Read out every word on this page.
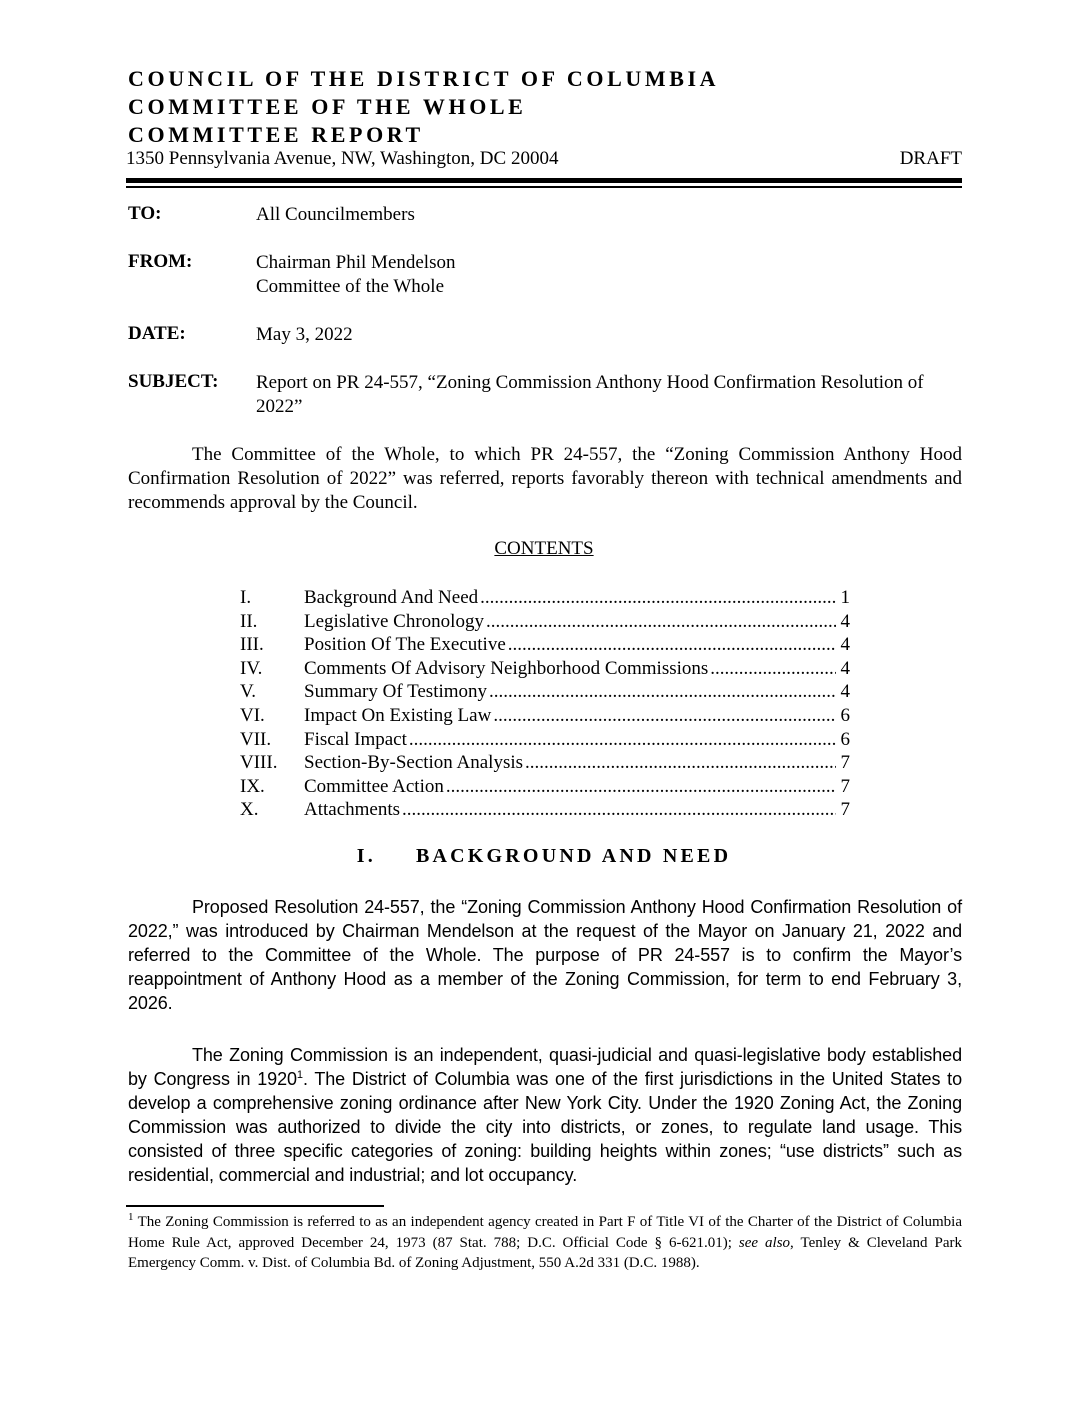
COUNCIL OF THE DISTRICT OF COLUMBIA
COMMITTEE OF THE WHOLE
COMMITTEE REPORT
1350 Pennsylvania Avenue, NW, Washington, DC 20004	DRAFT
TO:	All Councilmembers
FROM:	Chairman Phil Mendelson
Committee of the Whole
DATE:	May 3, 2022
SUBJECT: Report on PR 24-557, “Zoning Commission Anthony Hood Confirmation Resolution of 2022”
The Committee of the Whole, to which PR 24-557, the “Zoning Commission Anthony Hood Confirmation Resolution of 2022” was referred, reports favorably thereon with technical amendments and recommends approval by the Council.
CONTENTS
I.	Background And Need .....	1
II.	Legislative Chronology .....	4
III.	Position Of The Executive .....	4
IV.	Comments Of Advisory Neighborhood Commissions .....	4
V.	Summary Of Testimony .....	4
VI.	Impact On Existing Law .....	6
VII.	Fiscal Impact .....	6
VIII.	Section-By-Section Analysis .....	7
IX.	Committee Action .....	7
X.	Attachments .....	7
I. BACKGROUND AND NEED
Proposed Resolution 24-557, the “Zoning Commission Anthony Hood Confirmation Resolution of 2022,” was introduced by Chairman Mendelson at the request of the Mayor on January 21, 2022 and referred to the Committee of the Whole. The purpose of PR 24-557 is to confirm the Mayor’s reappointment of Anthony Hood as a member of the Zoning Commission, for term to end February 3, 2026.
The Zoning Commission is an independent, quasi-judicial and quasi-legislative body established by Congress in 1920$^1$. The District of Columbia was one of the first jurisdictions in the United States to develop a comprehensive zoning ordinance after New York City. Under the 1920 Zoning Act, the Zoning Commission was authorized to divide the city into districts, or zones, to regulate land usage. This consisted of three specific categories of zoning: building heights within zones; “use districts” such as residential, commercial and industrial; and lot occupancy.
$^1$ The Zoning Commission is referred to as an independent agency created in Part F of Title VI of the Charter of the District of Columbia Home Rule Act, approved December 24, 1973 (87 Stat. 788; D.C. Official Code § 6-621.01); see also, Tenley & Cleveland Park Emergency Comm. v. Dist. of Columbia Bd. of Zoning Adjustment, 550 A.2d 331 (D.C. 1988).
